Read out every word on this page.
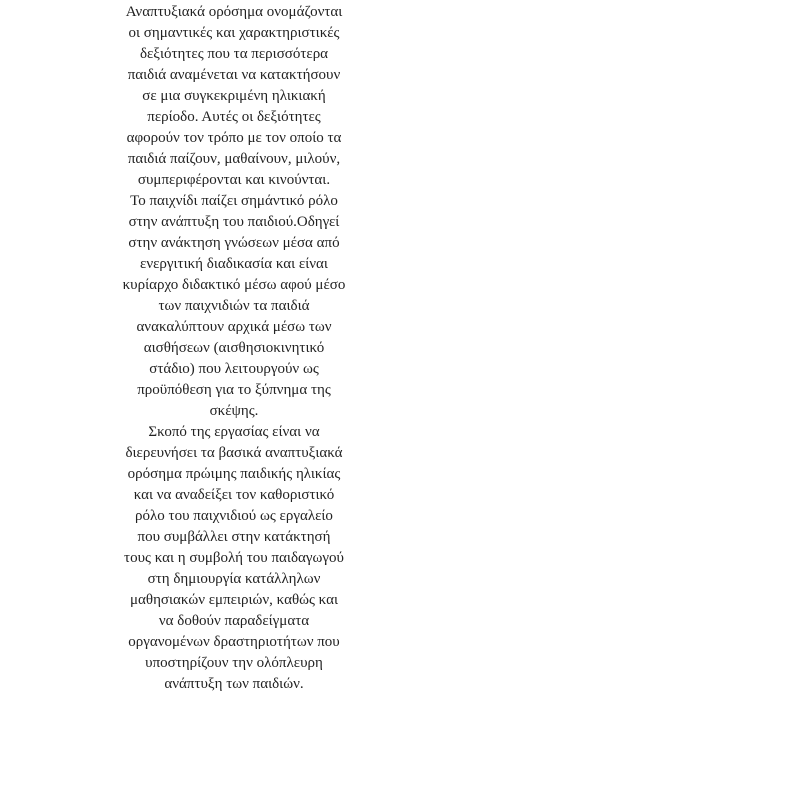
Αναπτυξιακά ορόσημα ονομάζονται
οι σημαντικές και χαρακτηριστικές
δεξιότητες που τα περισσότερα
παιδιά αναμένεται να κατακτήσουν
σε μια συγκεκριμένη ηλικιακή
περίοδο. Αυτές οι δεξιότητες
αφορούν τον τρόπο με τον οποίο τα
παιδιά παίζουν, μαθαίνουν, μιλούν,
συμπεριφέρονται και κινούνται.
Το παιχνίδι παίζει σημάντικό ρόλο
στην ανάπτυξη του παιδιού.Οδηγεί
στην ανάκτηση γνώσεων μέσα από
ενεργιτική διαδικασία και είναι
κυρίαρχο διδακτικό μέσω αφού μέσο
των παιχνιδιών τα παιδιά
ανακαλύπτουν αρχικά μέσω των
αισθήσεων (αισθησιοκινητικό
στάδιο) που λειτουργούν ως
προϋπόθεση για το ξύπνημα της
σκέψης.
Σκοπό της εργασίας είναι να
διερευνήσει τα βασικά αναπτυξιακά
ορόσημα πρώιμης παιδικής ηλικίας
και να αναδείξει τον καθοριστικό
ρόλο του παιχνιδιού ως εργαλείο
που συμβάλλει στην κατάκτησή
τους και η συμβολή του παιδαγωγού
στη δημιουργία κατάλληλων
μαθησιακών εμπειριών, καθώς και
να δοθούν παραδείγματα
οργανομένων δραστηριοτήτων που
υποστηρίζουν την ολόπλευρη
ανάπτυξη των παιδιών.
